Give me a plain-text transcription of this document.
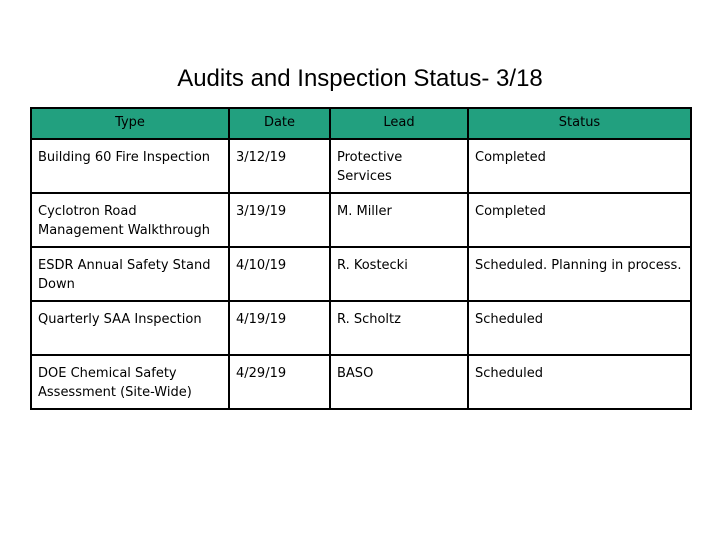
Audits and Inspection Status- 3/18
Type	Date	Lead	Status
Building 60 Fire Inspection	3/12/19	Protective Services	Completed
Cyclotron Road Management Walkthrough	3/19/19	M. Miller	Completed
ESDR Annual Safety Stand Down	4/10/19	R. Kostecki	Scheduled. Planning in process.
Quarterly SAA Inspection	4/19/19	R. Scholtz	Scheduled
DOE Chemical Safety Assessment (Site-Wide)	4/29/19	BASO	Scheduled
